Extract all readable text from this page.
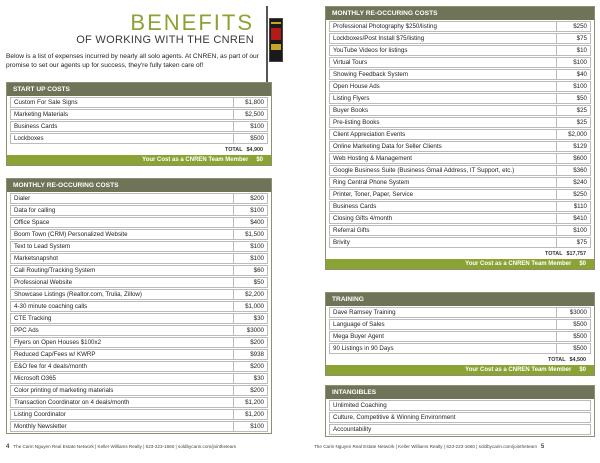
BENEFITS
OF WORKING WITH THE CNREN
Below is a list of expenses incurred by nearly all solo agents. At CNREN, as part of our promise to set our agents up for success, they're fully taken care of!
START UP COSTS
Custom For Sale Signs	$1,800
Marketing Materials	$2,500
Business Cards	$100
Lockboxes	$500
TOTAL $4,900
Your Cost as a CNREN Team Member $0
MONTHLY RE-OCCURING COSTS
Dialer	$200
Data for calling	$100
Office Space	$400
Boom Town (CRM) Personalized Website	$1,500
Text to Lead System	$100
Marketsnapshot	$100
Call Routing/Tracking System	$60
Professional Website	$50
Showcase Listings (Realtor.com, Trulia, Zillow)	$2,200
4-30 minute coaching calls	$1,000
CTE Tracking	$30
PPC Ads	$3000
Flyers on Open Houses $100x2	$200
Reduced Cap/Fees w/ KWRP	$938
E&O fee for 4 deals/month	$200
Microsoft O365	$30
Color printing of marketing materials	$200
Transaction Coordinator on 4 deals/month	$1,200
Listing Coordinator	$1,200
Monthly Newsletter	$100
4 The Carin Nguyen Real Estate Network | Keller Williams Realty | 623-223-1660 | soldbycarin.com/jointheteam
MONTHLY RE-OCCURING COSTS
Professional Photography $250/listing	$250
Lockboxes/Post Install $75/listing	$75
YouTube Videos for listings	$10
Virtual Tours	$100
Showing Feedback System	$40
Open House Ads	$100
Listing Flyers	$50
Buyer Books	$25
Pre-listing Books	$25
Client Appreciation Events	$2,000
Online Marketing Data for Seller Clients	$129
Web Hosting & Management	$600
Google Business Suite (Business Gmail Address, IT Support, etc.)	$360
Ring Central Phone System	$240
Printer, Toner, Paper, Service	$250
Business Cards	$110
Closing Gifts 4/month	$410
Referral Gifts	$100
Brivity	$75
TOTAL $17,757
Your Cost as a CNREN Team Member $0
TRAINING
Dave Ramsey Training	$3000
Language of Sales	$500
Mega Buyer Agent	$500
90 Listings in 90 Days	$500
TOTAL $4,500
Your Cost as a CNREN Team Member $0
INTANGIBLES
Unlimited Coaching
Culture, Competitive & Winning Environment
Accountability
The Carin Nguyen Real Estate Network | Keller Williams Realty | 623-223-1660 | soldbycarin.com/jointheteam 5
